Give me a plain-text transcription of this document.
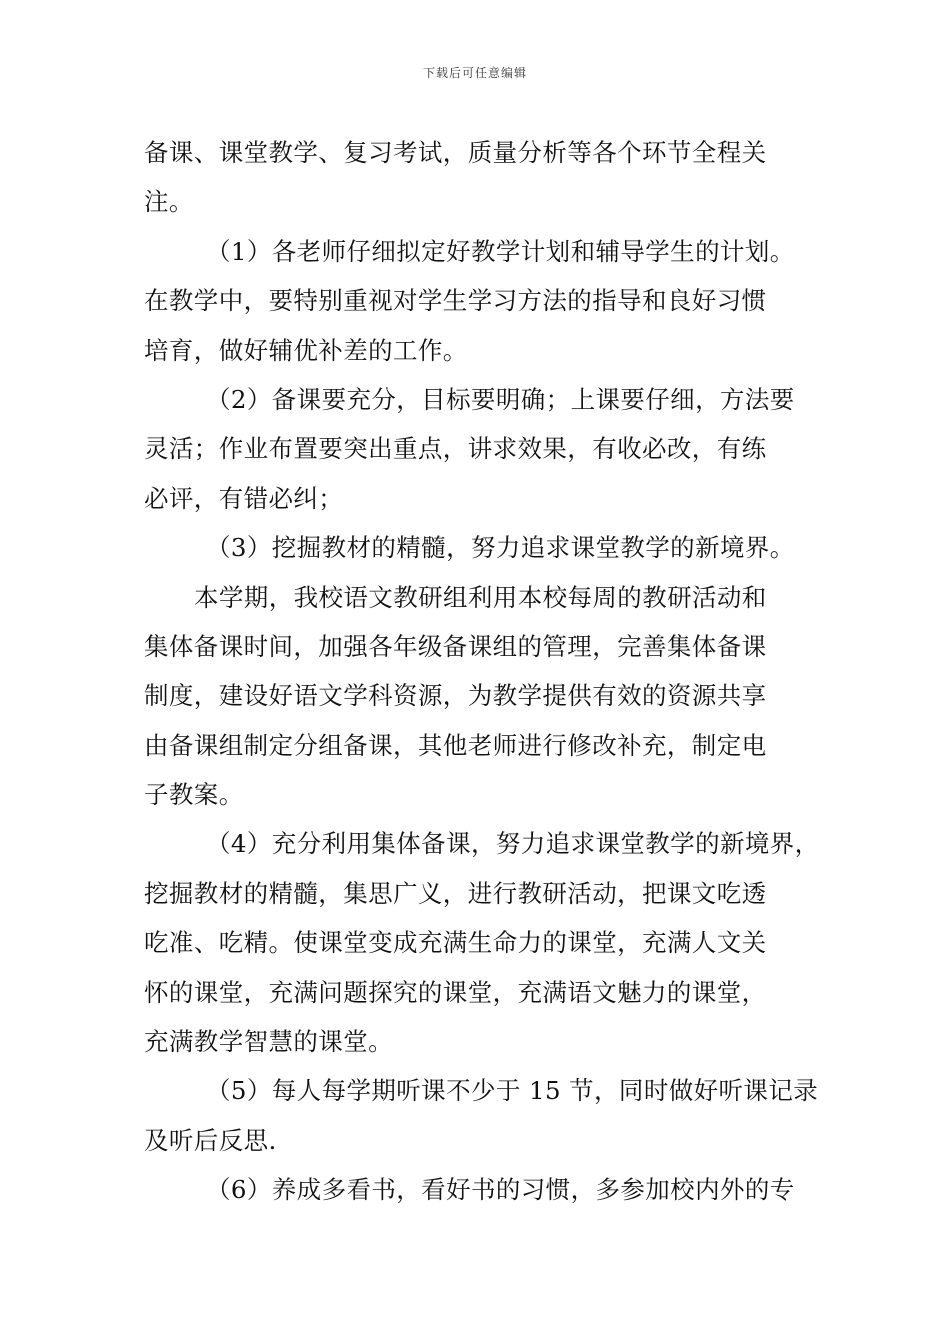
下载后可任意编辑
备课、课堂教学、复习考试，质量分析等各个环节全程关
注。
（1）各老师仔细拟定好教学计划和辅导学生的计划。
在教学中，要特别重视对学生学习方法的指导和良好习惯
培育，做好辅优补差的工作。
（2）备课要充分，目标要明确；上课要仔细，方法要
灵活；作业布置要突出重点，讲求效果，有收必改，有练
必评，有错必纠；
（3）挖掘教材的精髓，努力追求课堂教学的新境界。
本学期，我校语文教研组利用本校每周的教研活动和
集体备课时间，加强各年级备课组的管理，完善集体备课
制度，建设好语文学科资源，为教学提供有效的资源共享
由备课组制定分组备课，其他老师进行修改补充，制定电
子教案。
（4）充分利用集体备课，努力追求课堂教学的新境界，
挖掘教材的精髓，集思广义，进行教研活动，把课文吃透
吃准、吃精。使课堂变成充满生命力的课堂，充满人文关
怀的课堂，充满问题探究的课堂，充满语文魅力的课堂，
充满教学智慧的课堂。
（5）每人每学期听课不少于 15 节，同时做好听课记录
及听后反思.
（6）养成多看书，看好书的习惯，多参加校内外的专
